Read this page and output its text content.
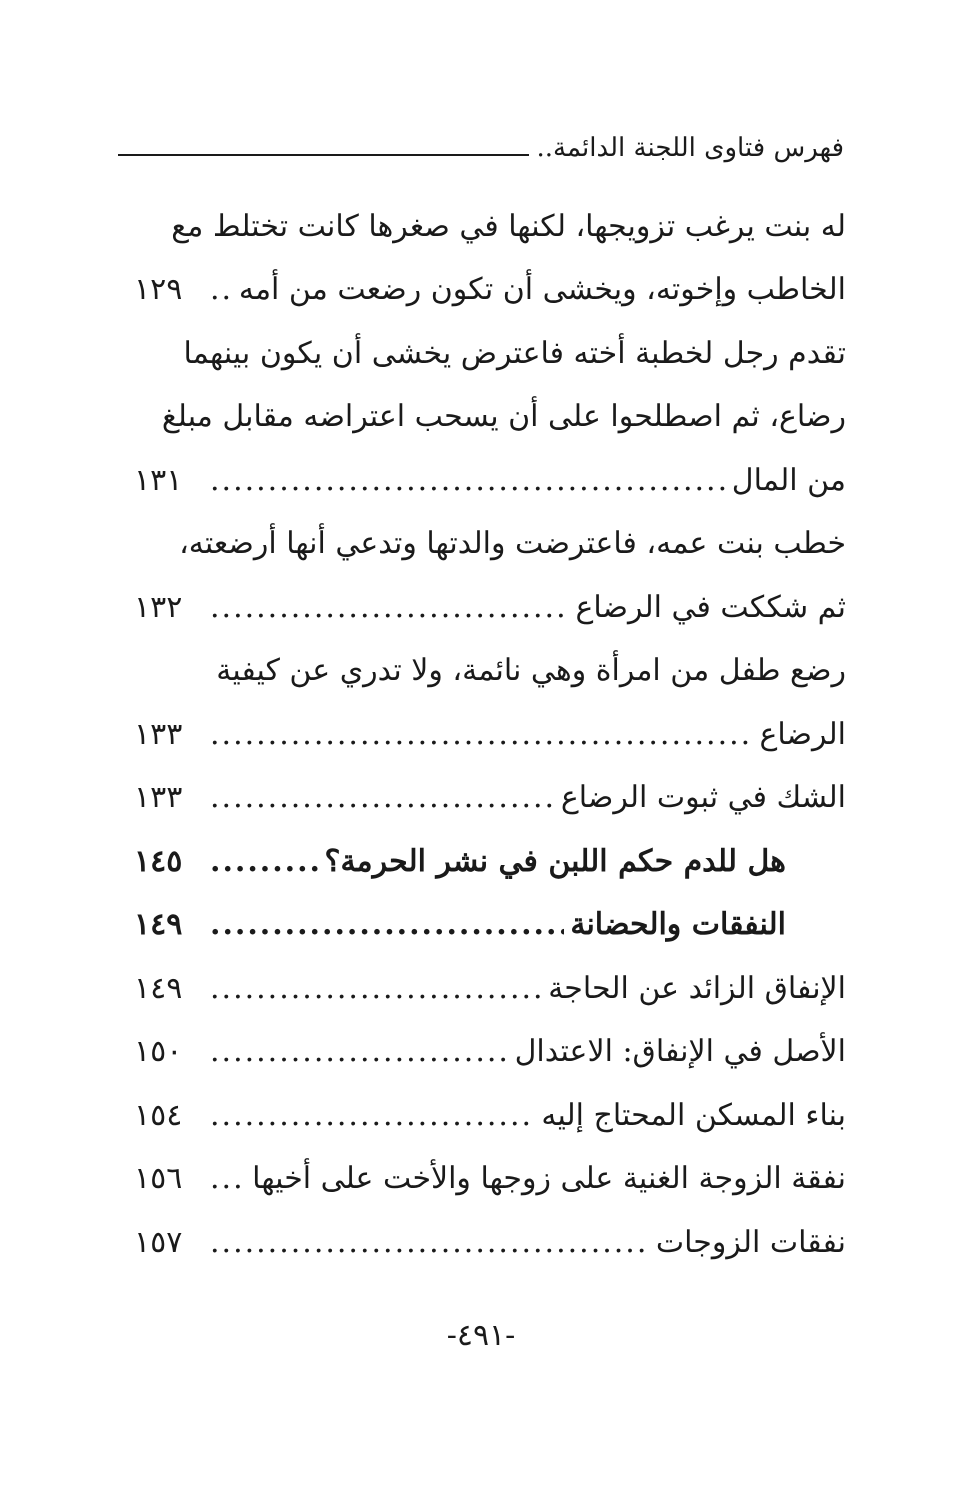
فهرس فتاوى اللجنة الدائمة..
له بنت يرغب تزويجها، لكنها في صغرها كانت تختلط مع
الخاطب وإخوته، ويخشى أن تكون رضعت من أمه
.....
١٢٩
تقدم رجل لخطبة أخته فاعترض يخشى أن يكون بينهما
رضاع، ثم اصطلحوا على أن يسحب اعتراضه مقابل مبلغ
من المال
.....
١٣١
خطب بنت عمه، فاعترضت والدتها وتدعي أنها أرضعته،
ثم شككت في الرضاع
.....
١٣٢
رضع طفل من امرأة وهي نائمة، ولا تدري عن كيفية
الرضاع
.....
١٣٣
الشك في ثبوت الرضاع
.....
١٣٣
هل للدم حكم اللبن في نشر الحرمة؟
.....
١٤٥
النفقات والحضانة
.....
١٤٩
الإنفاق الزائد عن الحاجة
.....
١٤٩
الأصل في الإنفاق: الاعتدال
.....
١٥٠
بناء المسكن المحتاج إليه
.....
١٥٤
نفقة الزوجة الغنية على زوجها والأخت على أخيها
.....
١٥٦
نفقات الزوجات
.....
١٥٧
-٤٩١-
